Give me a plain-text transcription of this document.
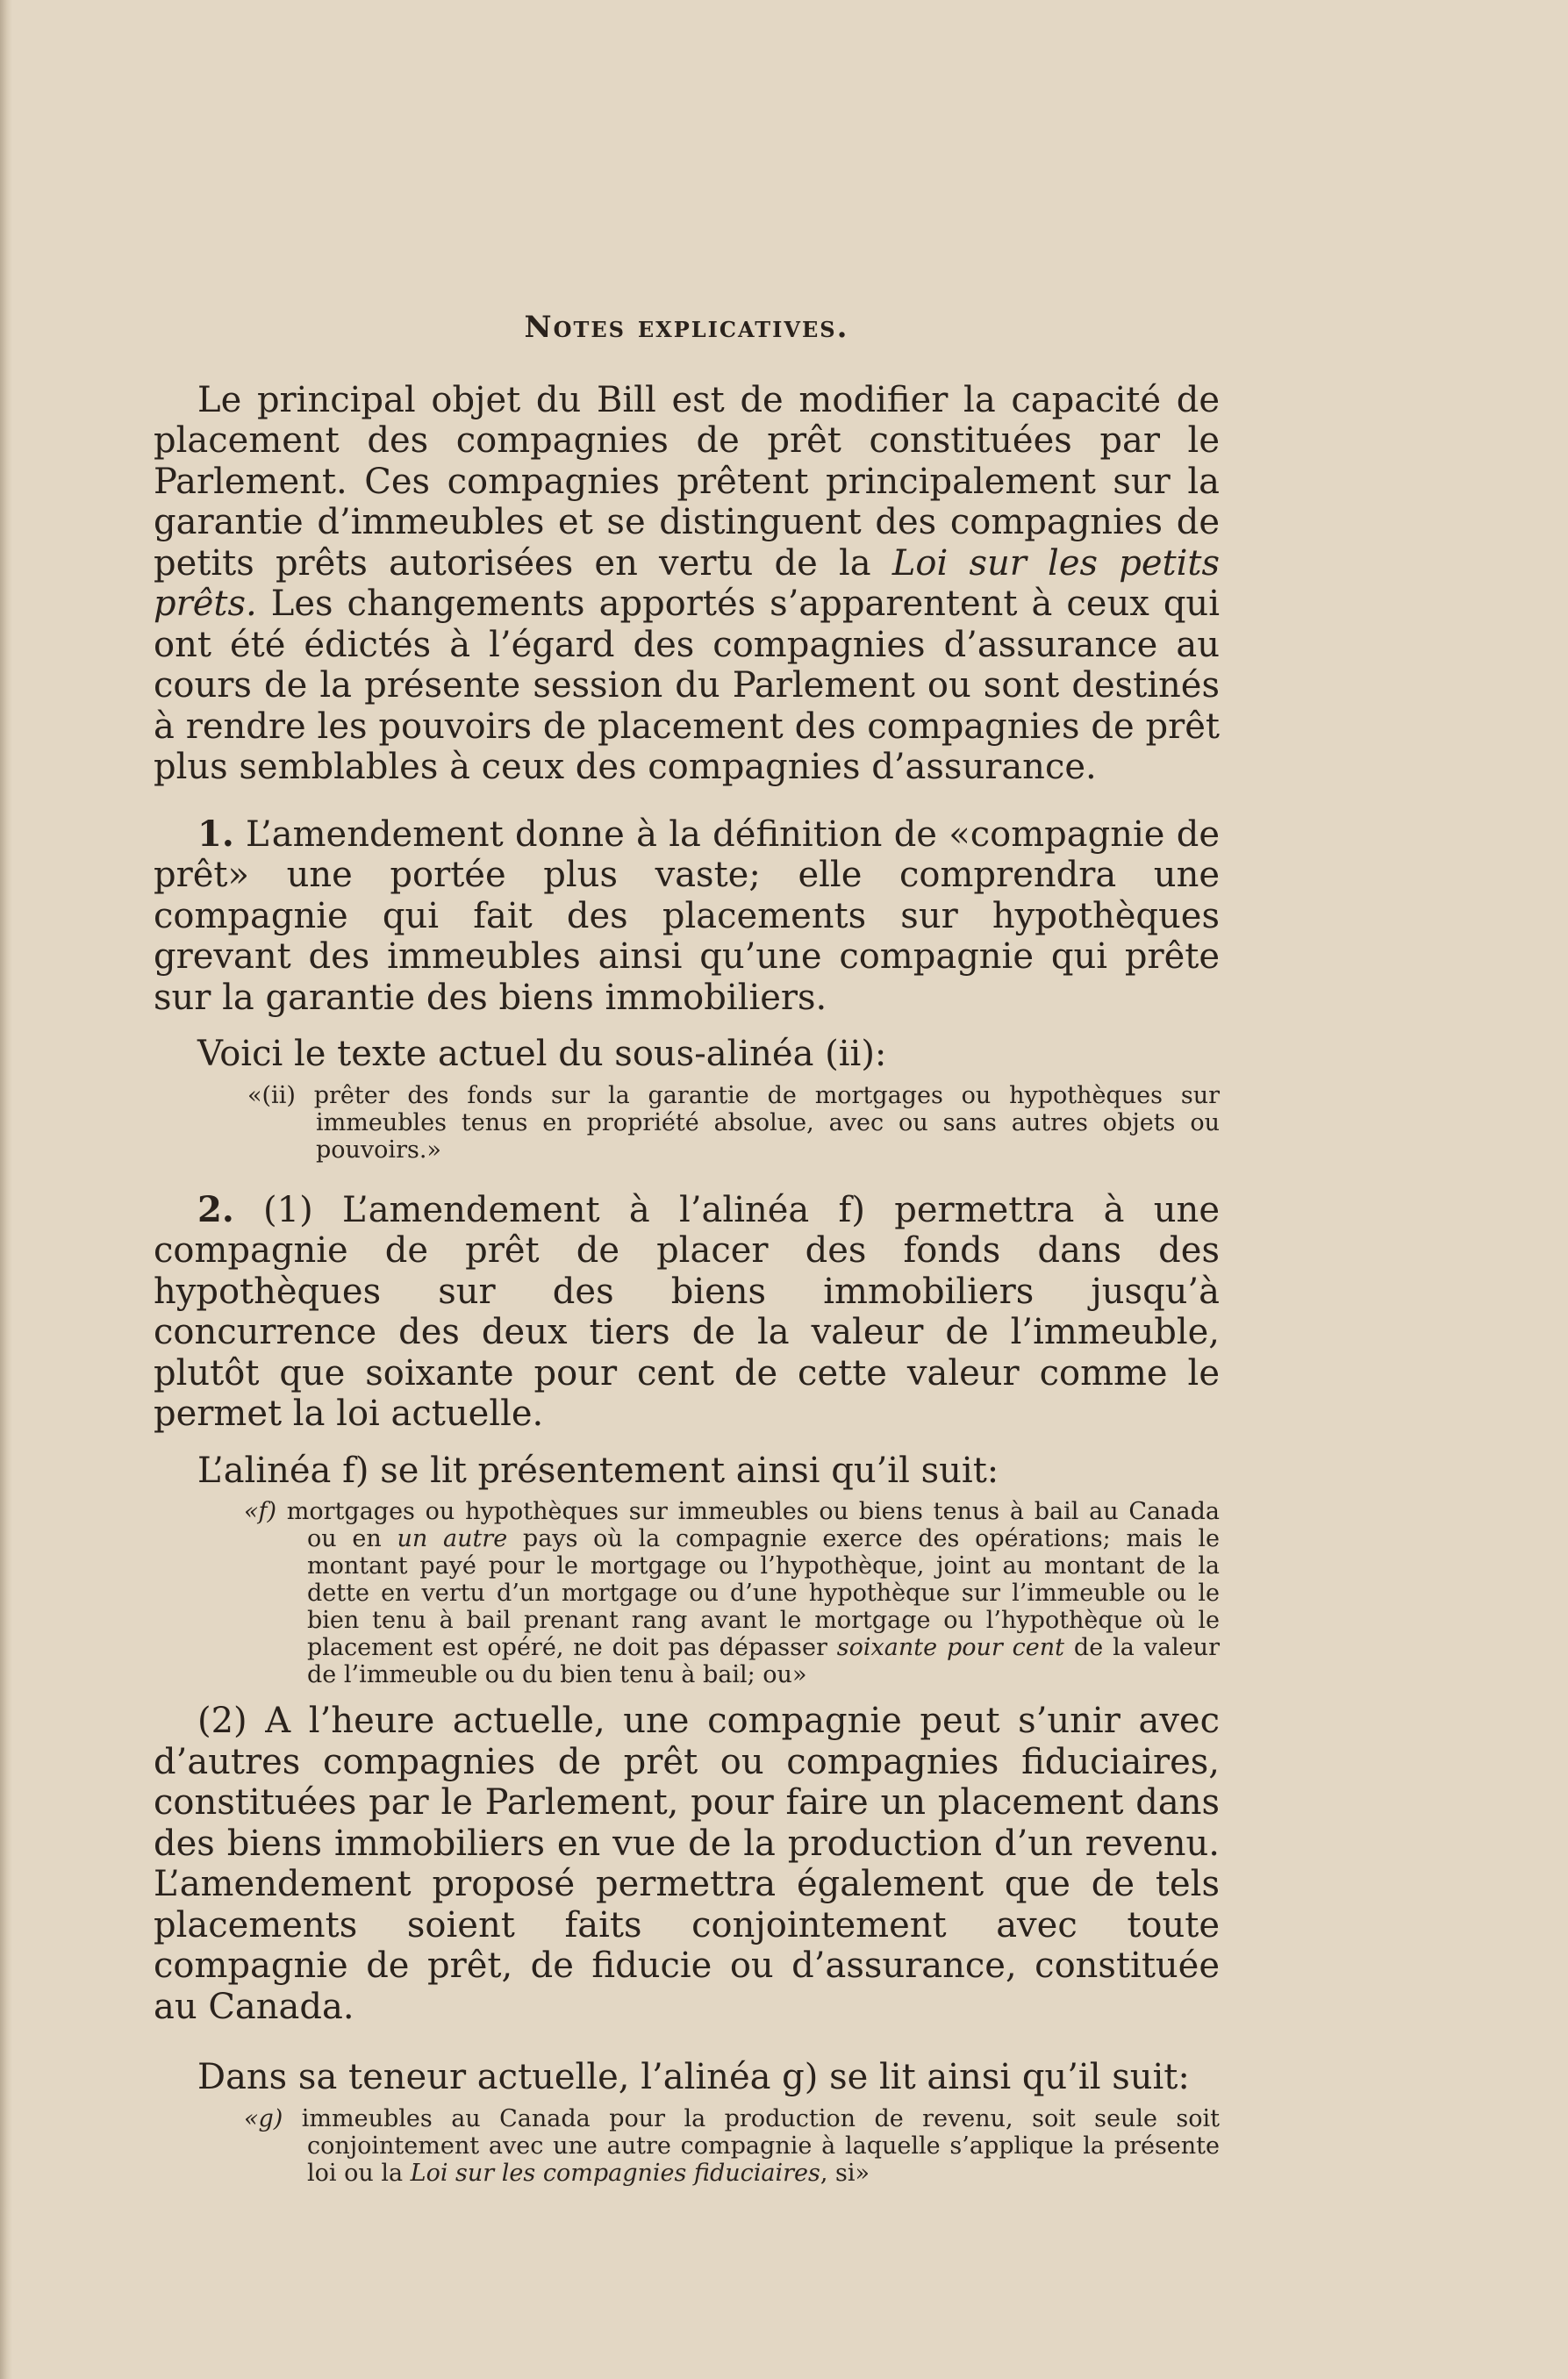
Notes explicatives.

Le principal objet du Bill est de modifier la capacité de placement des compagnies de prêt constituées par le Parlement. Ces compagnies prêtent principalement sur la garantie d’immeubles et se distinguent des compagnies de petits prêts autorisées en vertu de la Loi sur les petits prêts. Les changements apportés s’apparentent à ceux qui ont été édictés à l’égard des compagnies d’assurance au cours de la présente session du Parlement ou sont destinés à rendre les pouvoirs de placement des compagnies de prêt plus semblables à ceux des compagnies d’assurance.

1. L’amendement donne à la définition de «compagnie de prêt» une portée plus vaste; elle comprendra une compagnie qui fait des placements sur hypothèques grevant des immeubles ainsi qu’une compagnie qui prête sur la garantie des biens immobiliers.

Voici le texte actuel du sous-alinéa (ii):

«(ii) prêter des fonds sur la garantie de mortgages ou hypothèques sur immeubles tenus en propriété absolue, avec ou sans autres objets ou pouvoirs.»

2. (1) L’amendement à l’alinéa f) permettra à une compagnie de prêt de placer des fonds dans des hypothèques sur des biens immobiliers jusqu’à concurrence des deux tiers de la valeur de l’immeuble, plutôt que soixante pour cent de cette valeur comme le permet la loi actuelle.

L’alinéa f) se lit présentement ainsi qu’il suit:

«f) mortgages ou hypothèques sur immeubles ou biens tenus à bail au Canada ou en un autre pays où la compagnie exerce des opérations; mais le montant payé pour le mortgage ou l’hypothèque, joint au montant de la dette en vertu d’un mortgage ou d’une hypothèque sur l’immeuble ou le bien tenu à bail prenant rang avant le mortgage ou l’hypothèque où le placement est opéré, ne doit pas dépasser soixante pour cent de la valeur de l’immeuble ou du bien tenu à bail; ou»

(2) A l’heure actuelle, une compagnie peut s’unir avec d’autres compagnies de prêt ou compagnies fiduciaires, constituées par le Parlement, pour faire un placement dans des biens immobiliers en vue de la production d’un revenu. L’amendement proposé permettra également que de tels placements soient faits conjointement avec toute compagnie de prêt, de fiducie ou d’assurance, constituée au Canada.

Dans sa teneur actuelle, l’alinéa g) se lit ainsi qu’il suit:

«g) immeubles au Canada pour la production de revenu, soit seule soit conjointement avec une autre compagnie à laquelle s’applique la présente loi ou la Loi sur les compagnies fiduciaires, si»
